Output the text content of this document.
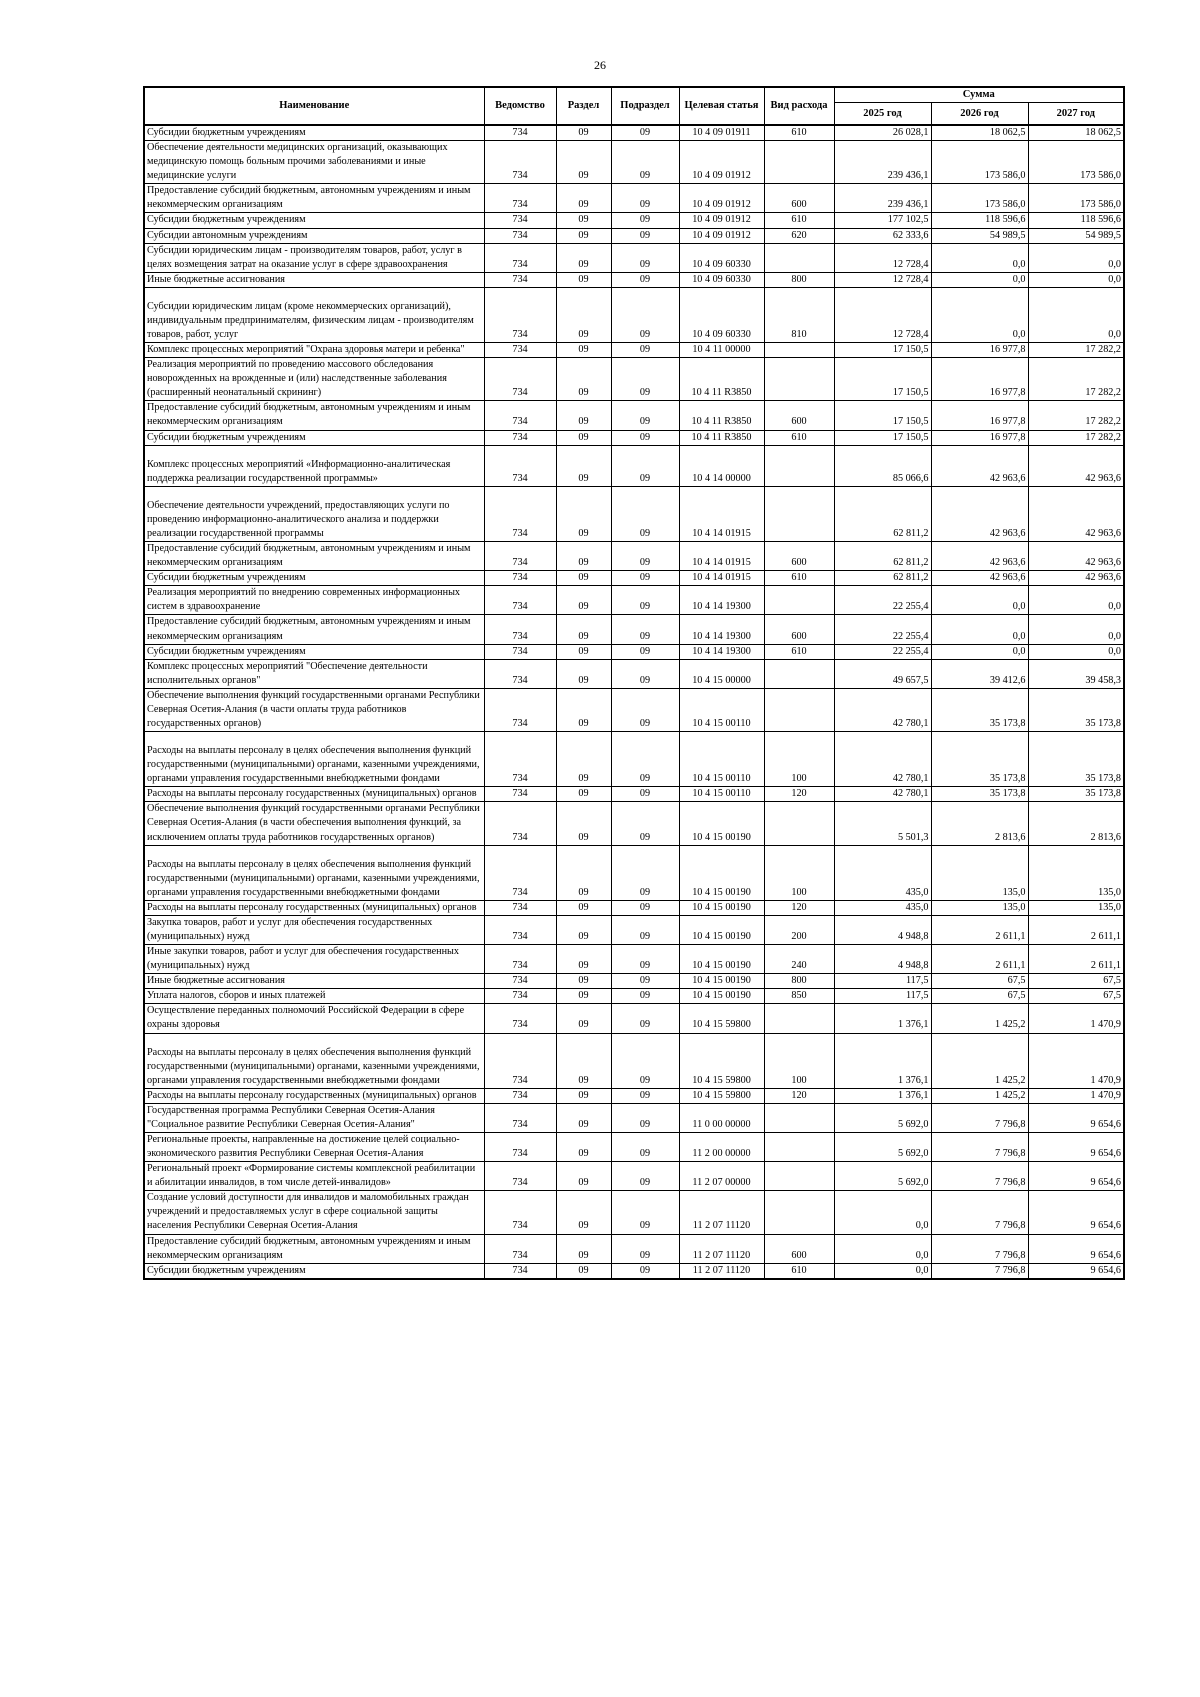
26
Наименование	Ведомство	Раздел	Подраздел	Целевая статья	Вид расхода	Сумма		
						2025 год	2026 год	2027 год
Субсидии бюджетным учреждениям	734	09	09	10 4 09 01911	610	26 028,1	18 062,5	18 062,5
Обеспечение деятельности медицинских организаций, оказывающих медицинскую помощь больным прочими заболеваниями и иные медицинские услуги	734	09	09	10 4 09 01912		239 436,1	173 586,0	173 586,0
Предоставление субсидий бюджетным, автономным учреждениям и иным некоммерческим организациям	734	09	09	10 4 09 01912	600	239 436,1	173 586,0	173 586,0
Субсидии бюджетным учреждениям	734	09	09	10 4 09 01912	610	177 102,5	118 596,6	118 596,6
Субсидии автономным учреждениям	734	09	09	10 4 09 01912	620	62 333,6	54 989,5	54 989,5
Субсидии юридическим лицам - производителям товаров, работ, услуг в целях возмещения затрат на оказание услуг в сфере здравоохранения	734	09	09	10 4 09 60330		12 728,4	0,0	0,0
Иные бюджетные ассигнования	734	09	09	10 4 09 60330	800	12 728,4	0,0	0,0
Субсидии юридическим лицам (кроме некоммерческих организаций), индивидуальным предпринимателям, физическим лицам - производителям товаров, работ, услуг	734	09	09	10 4 09 60330	810	12 728,4	0,0	0,0
Комплекс процессных мероприятий "Охрана здоровья матери и ребенка"	734	09	09	10 4 11 00000		17 150,5	16 977,8	17 282,2
Реализация мероприятий по проведению массового обследования новорожденных на врожденные и (или) наследственные заболевания (расширенный неонатальный скрининг)	734	09	09	10 4 11 R3850		17 150,5	16 977,8	17 282,2
Предоставление субсидий бюджетным, автономным учреждениям и иным некоммерческим организациям	734	09	09	10 4 11 R3850	600	17 150,5	16 977,8	17 282,2
Субсидии бюджетным учреждениям	734	09	09	10 4 11 R3850	610	17 150,5	16 977,8	17 282,2
Комплекс процессных мероприятий «Информационно-аналитическая поддержка реализации государственной программы»	734	09	09	10 4 14 00000		85 066,6	42 963,6	42 963,6
Обеспечение деятельности учреждений, предоставляющих услуги по проведению информационно-аналитического анализа и поддержки реализации государственной программы	734	09	09	10 4 14 01915		62 811,2	42 963,6	42 963,6
Предоставление субсидий бюджетным, автономным учреждениям и иным некоммерческим организациям	734	09	09	10 4 14 01915	600	62 811,2	42 963,6	42 963,6
Субсидии бюджетным учреждениям	734	09	09	10 4 14 01915	610	62 811,2	42 963,6	42 963,6
Реализация мероприятий по внедрению современных информационных систем в здравоохранение	734	09	09	10 4 14 19300		22 255,4	0,0	0,0
Предоставление субсидий бюджетным, автономным учреждениям и иным некоммерческим организациям	734	09	09	10 4 14 19300	600	22 255,4	0,0	0,0
Субсидии бюджетным учреждениям	734	09	09	10 4 14 19300	610	22 255,4	0,0	0,0
Комплекс процессных мероприятий "Обеспечение деятельности исполнительных органов"	734	09	09	10 4 15 00000		49 657,5	39 412,6	39 458,3
Обеспечение выполнения функций государственными органами Республики Северная Осетия-Алания (в части оплаты труда работников государственных органов)	734	09	09	10 4 15 00110		42 780,1	35 173,8	35 173,8
Расходы на выплаты персоналу в целях обеспечения выполнения функций государственными (муниципальными) органами, казенными учреждениями, органами управления государственными внебюджетными фондами	734	09	09	10 4 15 00110	100	42 780,1	35 173,8	35 173,8
Расходы на выплаты персоналу государственных (муниципальных) органов	734	09	09	10 4 15 00110	120	42 780,1	35 173,8	35 173,8
Обеспечение выполнения функций государственными органами Республики Северная Осетия-Алания (в части обеспечения выполнения функций, за исключением оплаты труда работников государственных органов)	734	09	09	10 4 15 00190		5 501,3	2 813,6	2 813,6
Расходы на выплаты персоналу в целях обеспечения выполнения функций государственными (муниципальными) органами, казенными учреждениями, органами управления государственными внебюджетными фондами	734	09	09	10 4 15 00190	100	435,0	135,0	135,0
Расходы на выплаты персоналу государственных (муниципальных) органов	734	09	09	10 4 15 00190	120	435,0	135,0	135,0
Закупка товаров, работ и услуг для обеспечения государственных (муниципальных) нужд	734	09	09	10 4 15 00190	200	4 948,8	2 611,1	2 611,1
Иные закупки товаров, работ и услуг для обеспечения государственных (муниципальных) нужд	734	09	09	10 4 15 00190	240	4 948,8	2 611,1	2 611,1
Иные бюджетные ассигнования	734	09	09	10 4 15 00190	800	117,5	67,5	67,5
Уплата налогов, сборов и иных платежей	734	09	09	10 4 15 00190	850	117,5	67,5	67,5
Осуществление переданных полномочий Российской Федерации в сфере охраны здоровья	734	09	09	10 4 15 59800		1 376,1	1 425,2	1 470,9
Расходы на выплаты персоналу в целях обеспечения выполнения функций государственными (муниципальными) органами, казенными учреждениями, органами управления государственными внебюджетными фондами	734	09	09	10 4 15 59800	100	1 376,1	1 425,2	1 470,9
Расходы на выплаты персоналу государственных (муниципальных) органов	734	09	09	10 4 15 59800	120	1 376,1	1 425,2	1 470,9
Государственная программа Республики Северная Осетия-Алания "Социальное развитие Республики Северная Осетия-Алания"	734	09	09	11 0 00 00000		5 692,0	7 796,8	9 654,6
Региональные проекты, направленные на достижение целей социально-экономического развития Республики Северная Осетия-Алания	734	09	09	11 2 00 00000		5 692,0	7 796,8	9 654,6
Региональный проект «Формирование системы комплексной реабилитации и абилитации инвалидов, в том числе детей-инвалидов»	734	09	09	11 2 07 00000		5 692,0	7 796,8	9 654,6
Создание условий доступности для инвалидов и маломобильных граждан учреждений и предоставляемых услуг в сфере социальной защиты населения Республики Северная Осетия-Алания	734	09	09	11 2 07 11120		0,0	7 796,8	9 654,6
Предоставление субсидий бюджетным, автономным учреждениям и иным некоммерческим организациям	734	09	09	11 2 07 11120	600	0,0	7 796,8	9 654,6
Субсидии бюджетным учреждениям	734	09	09	11 2 07 11120	610	0,0	7 796,8	9 654,6
